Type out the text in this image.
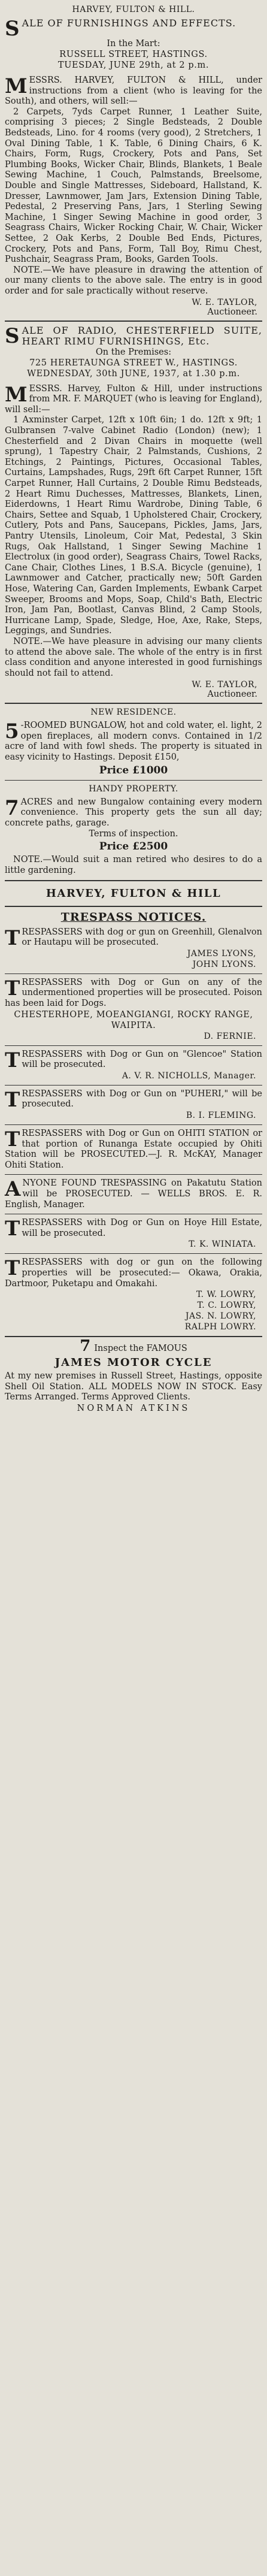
HARVEY, FULTON & HILL.

S ALE OF FURNISHINGS AND EFFECTS.

In the Mart:

RUSSELL STREET, HASTINGS.

TUESDAY, JUNE 29th, at 2 p.m.

M ESSRS. HARVEY, FULTON & HILL, under instructions from a client (who is leaving for the South), and others, will sell:—

2 Carpets, 7yds Carpet Runner, 1 Leather Suite, comprising 3 pieces; 2 Single Bedsteads, 2 Double Bedsteads, Lino. for 4 rooms (very good), 2 Stretchers, 1 Oval Dining Table, 1 K. Table, 6 Dining Chairs, 6 K. Chairs, Form, Rugs, Crockery, Pots and Pans, Set Plumbing Books, Wicker Chair, Blinds, Blankets, 1 Beale Sewing Machine, 1 Couch, Palmstands, Breelsome, Double and Single Mattresses, Sideboard, Hallstand, K. Dresser, Lawnmower, Jam Jars, Extension Dining Table, Pedestal, 2 Preserving Pans, Jars, 1 Sterling Sewing Machine, 1 Singer Sewing Machine in good order, 3 Seagrass Chairs, Wicker Rocking Chair, W. Chair, Wicker Settee, 2 Oak Kerbs, 2 Double Bed Ends, Pictures, Crockery, Pots and Pans, Form, Tall Boy, Rimu Chest, Pushchair, Seagrass Pram, Books, Garden Tools.

NOTE.—We have pleasure in drawing the attention of our many clients to the above sale. The entry is in good order and for sale practically without reserve.

W. E. TAYLOR,

Auctioneer.

S ALE OF RADIO, CHESTERFIELD SUITE, HEART RIMU FURNISHINGS, Etc.

On the Premises:

725 HERETAUNGA STREET W., HASTINGS.

WEDNESDAY, 30th JUNE, 1937, at 1.30 p.m.

M ESSRS. Harvey, Fulton & Hill, under instructions from MR. F. MARQUET (who is leaving for England), will sell:—

1 Axminster Carpet, 12ft x 10ft 6in; 1 do. 12ft x 9ft; 1 Gulbransen 7-valve Cabinet Radio (London) (new); 1 Chesterfield and 2 Divan Chairs in moquette (well sprung), 1 Tapestry Chair, 2 Palmstands, Cushions, 2 Etchings, 2 Paintings, Pictures, Occasional Tables, Curtains, Lampshades, Rugs, 29ft 6ft Carpet Runner, 15ft Carpet Runner, Hall Curtains, 2 Double Rimu Bedsteads, 2 Heart Rimu Duchesses, Mattresses, Blankets, Linen, Eiderdowns, 1 Heart Rimu Wardrobe, Dining Table, 6 Chairs, Settee and Squab, 1 Upholstered Chair, Crockery, Cutlery, Pots and Pans, Saucepans, Pickles, Jams, Jars, Pantry Utensils, Linoleum, Coir Mat, Pedestal, 3 Skin Rugs, Oak Hallstand, 1 Singer Sewing Machine 1 Electrolux (in good order), Seagrass Chairs, Towel Racks, Cane Chair, Clothes Lines, 1 B.S.A. Bicycle (genuine), 1 Lawnmower and Catcher, practically new; 50ft Garden Hose, Watering Can, Garden Implements, Ewbank Carpet Sweeper, Brooms and Mops, Soap, Child's Bath, Electric Iron, Jam Pan, Bootlast, Canvas Blind, 2 Camp Stools, Hurricane Lamp, Spade, Sledge, Hoe, Axe, Rake, Steps, Leggings, and Sundries.

NOTE.—We have pleasure in advising our many clients to attend the above sale. The whole of the entry is in first class condition and anyone interested in good furnishings should not fail to attend.

W. E. TAYLOR,

Auctioneer.

NEW RESIDENCE.

5 -ROOMED BUNGALOW, hot and cold water, el. light, 2 open fireplaces, all modern convs. Contained in 1/2 acre of land with fowl sheds. The property is situated in easy vicinity to Hastings. Deposit £150,

Price £1000

HANDY PROPERTY.

7 ACRES and new Bungalow containing every modern convenience. This property gets the sun all day; concrete paths, garage.

Terms of inspection.

Price £2500

NOTE.—Would suit a man retired who desires to do a little gardening.

HARVEY, FULTON & HILL

TRESPASS NOTICES.

TRESPASSERS with dog or gun on Greenhill, Glenalvon or Hautapu will be prosecuted.

JAMES LYONS,

JOHN LYONS.

TRESPASSERS with Dog or Gun on any of the undermentioned properties will be prosecuted. Poison has been laid for Dogs.

CHESTERHOPE, MOEANGIANGI, ROCKY RANGE, WAIPITA.

D. FERNIE.

TRESPASSERS with Dog or Gun on "Glencoe" Station will be prosecuted.

A. V. R. NICHOLLS, Manager.

TRESPASSERS with Dog or Gun on "PUHERI," will be prosecuted.

B. I. FLEMING.

TRESPASSERS with Dog or Gun on OHITI STATION or that portion of Runanga Estate occupied by Ohiti Station will be PROSECUTED.—J. R. McKAY, Manager Ohiti Station.

ANYONE FOUND TRESPASSING on Pakatutu Station will be PROSECUTED. — WELLS BROS. E. R. English, Manager.

TRESPASSERS with Dog or Gun on Hoye Hill Estate, will be prosecuted.

T. K. WINIATA.

TRESPASSERS with dog or gun on the following properties will be prosecuted:— Okawa, Orakia, Dartmoor, Puketapu and Omakahi.

T. W. LOWRY,

T. C. LOWRY,

JAS. N. LOWRY,

RALPH LOWRY.

7 Inspect the FAMOUS

JAMES MOTOR CYCLE

At my new premises in Russell Street, Hastings, opposite Shell Oil Station. ALL MODELS NOW IN STOCK. Easy Terms Arranged. Terms Approved Clients.

NORMAN ATKINS
